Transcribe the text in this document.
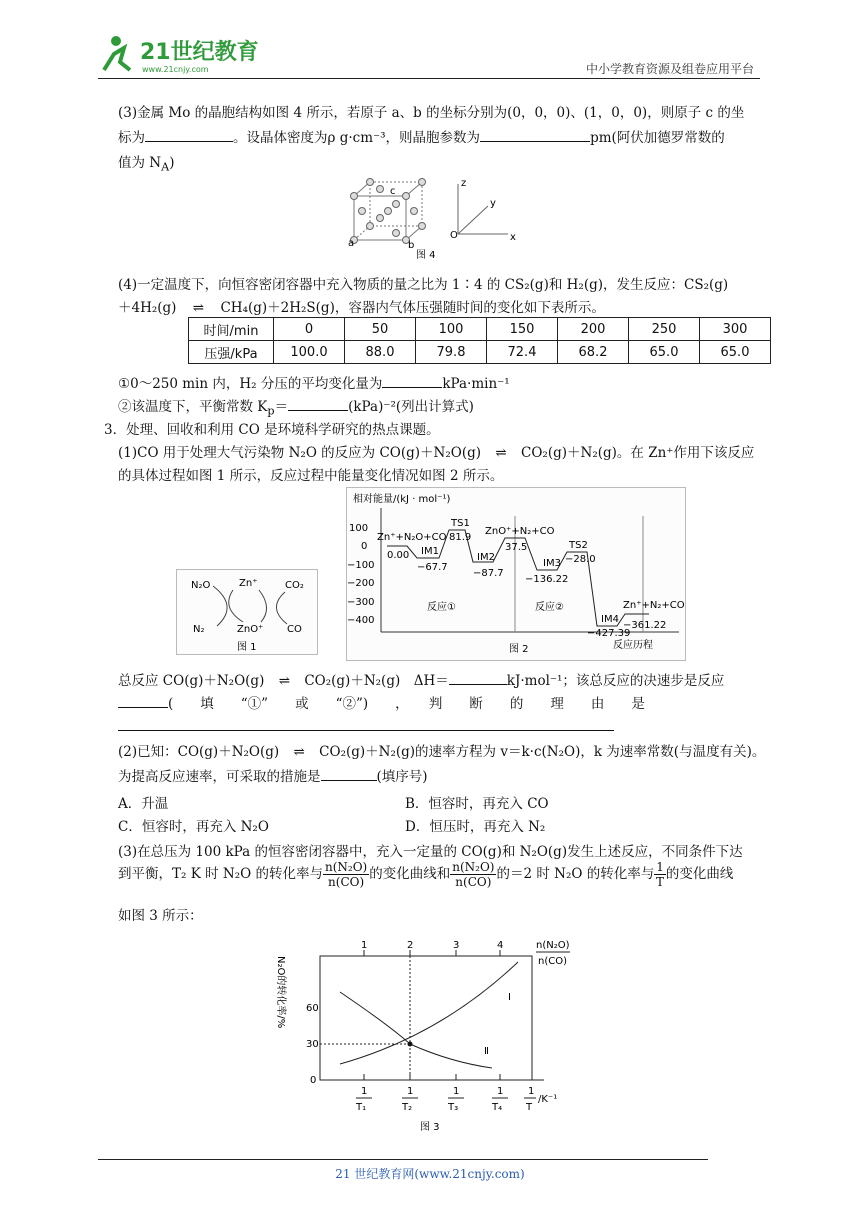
21世纪教育
www.21cnjy.com	中小学教育资源及组卷应用平台
(3)金属 Mo 的晶胞结构如图 4 所示，若原子 a、b 的坐标分别为(0，0，0)、(1，0，0)，则原子 c 的坐
标为	。设晶体密度为ρ g·cm⁻³，则晶胞参数为	pm(阿伏加德罗常数的
值为 $N_A$)
a	b
c
O	x
y
z
图 4
(4)一定温度下，向恒容密闭容器中充入物质的量之比为 1∶4 的 CS₂(g)和 H₂(g)，发生反应：CS₂(g)
＋4H₂(g) ⇌ CH₄(g)＋2H₂S(g)，容器内气体压强随时间的变化如下表所示。
时间/min	0	50	100	150	200	250	300
压强/kPa	100.0	88.0	79.8	72.4	68.2	65.0	65.0
①0～250 min 内，H₂ 分压的平均变化量为	kPa·min⁻¹
②该温度下，平衡常数 $K_p=$	(kPa)⁻²(列出计算式)
3．处理、回收和利用 CO 是环境科学研究的热点课题。
(1)CO 用于处理大气污染物 N₂O 的反应为 CO(g)＋N₂O(g) ⇌ CO₂(g)＋N₂(g)。在 Zn⁺作用下该反应
的具体过程如图 1 所示，反应过程中能量变化情况如图 2 所示。
N₂O	Zn⁺	CO₂
N₂	ZnO⁺ CO
图 1
相对能量/(kJ · mol⁻¹)
100
0
−100
−200
−300
−400
Zn⁺+N₂O+CO
0.00 IM1
−67.7
TS1
81.9
IM2
−87.7
ZnO⁺+N₂+CO
37.5
IM3
−136.22
TS2
−28.0
IM4
−427.39
Zn⁺+N₂+CO₂
−361.22
反应①	反应②
反应历程
图 2
总反应 CO(g)＋N₂O(g) ⇌ CO₂(g)＋N₂(g)　ΔH＝	kJ·mol⁻¹；该总反应的决速步是反应
(　　填　　“①”　　或　　“②”)　　，　　判　　断　　的　　理　　由　　是
(2)已知：CO(g)＋N₂O(g) ⇌ CO₂(g)＋N₂(g)的速率方程为 v＝k·c(N₂O)，k 为速率常数(与温度有关)。
为提高反应速率，可采取的措施是	(填序号)
A．升温	B．恒容时，再充入 CO
C．恒容时，再充入 N₂O	D．恒压时，再充入 N₂
(3)在总压为 100 kPa 的恒容密闭容器中，充入一定量的 CO(g)和 N₂O(g)发生上述反应，不同条件下达
到平衡，T₂ K 时 N₂O 的转化率与 $\frac{\text{n(N₂O)}}{n(CO)}$ 的变化曲线和 $\frac{\text{n(N₂O)}}{n(CO)}$ 的＝2 时 N₂O 的转化率与 $\frac{1}{T}$ 的变化曲线
如图 3 所示：
N₂O的转化率/%
1	2	3	4	n(N₂O)
n(CO)
60
30
0
Ⅰ
Ⅱ
1
T₁
1
T₂
1
T₃
1
T₄
1
T
/K⁻¹
图 3
21 世纪教育网(www.21cnjy.com)
